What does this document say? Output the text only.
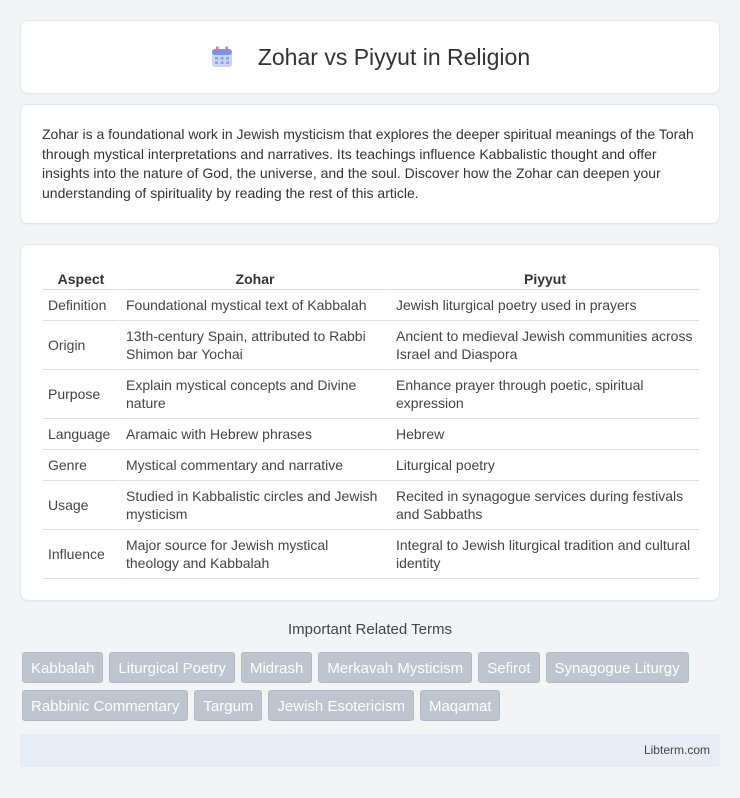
Zohar vs Piyyut in Religion

Zohar is a foundational work in Jewish mysticism that explores the deeper spiritual meanings of the Torah through mystical interpretations and narratives. Its teachings influence Kabbalistic thought and offer insights into the nature of God, the universe, and the soul. Discover how the Zohar can deepen your understanding of spirituality by reading the rest of this article.

Aspect	Zohar	Piyyut
Definition	Foundational mystical text of Kabbalah	Jewish liturgical poetry used in prayers
Origin	13th-century Spain, attributed to Rabbi Shimon bar Yochai	Ancient to medieval Jewish communities across Israel and Diaspora
Purpose	Explain mystical concepts and Divine nature	Enhance prayer through poetic, spiritual expression
Language	Aramaic with Hebrew phrases	Hebrew
Genre	Mystical commentary and narrative	Liturgical poetry
Usage	Studied in Kabbalistic circles and Jewish mysticism	Recited in synagogue services during festivals and Sabbaths
Influence	Major source for Jewish mystical theology and Kabbalah	Integral to Jewish liturgical tradition and cultural identity
Important Related Terms
Kabbalah	Liturgical Poetry	Midrash	Merkavah Mysticism	Sefirot	Synagogue Liturgy
Rabbinic Commentary	Targum	Jewish Esotericism	Maqamat
Libterm.com
